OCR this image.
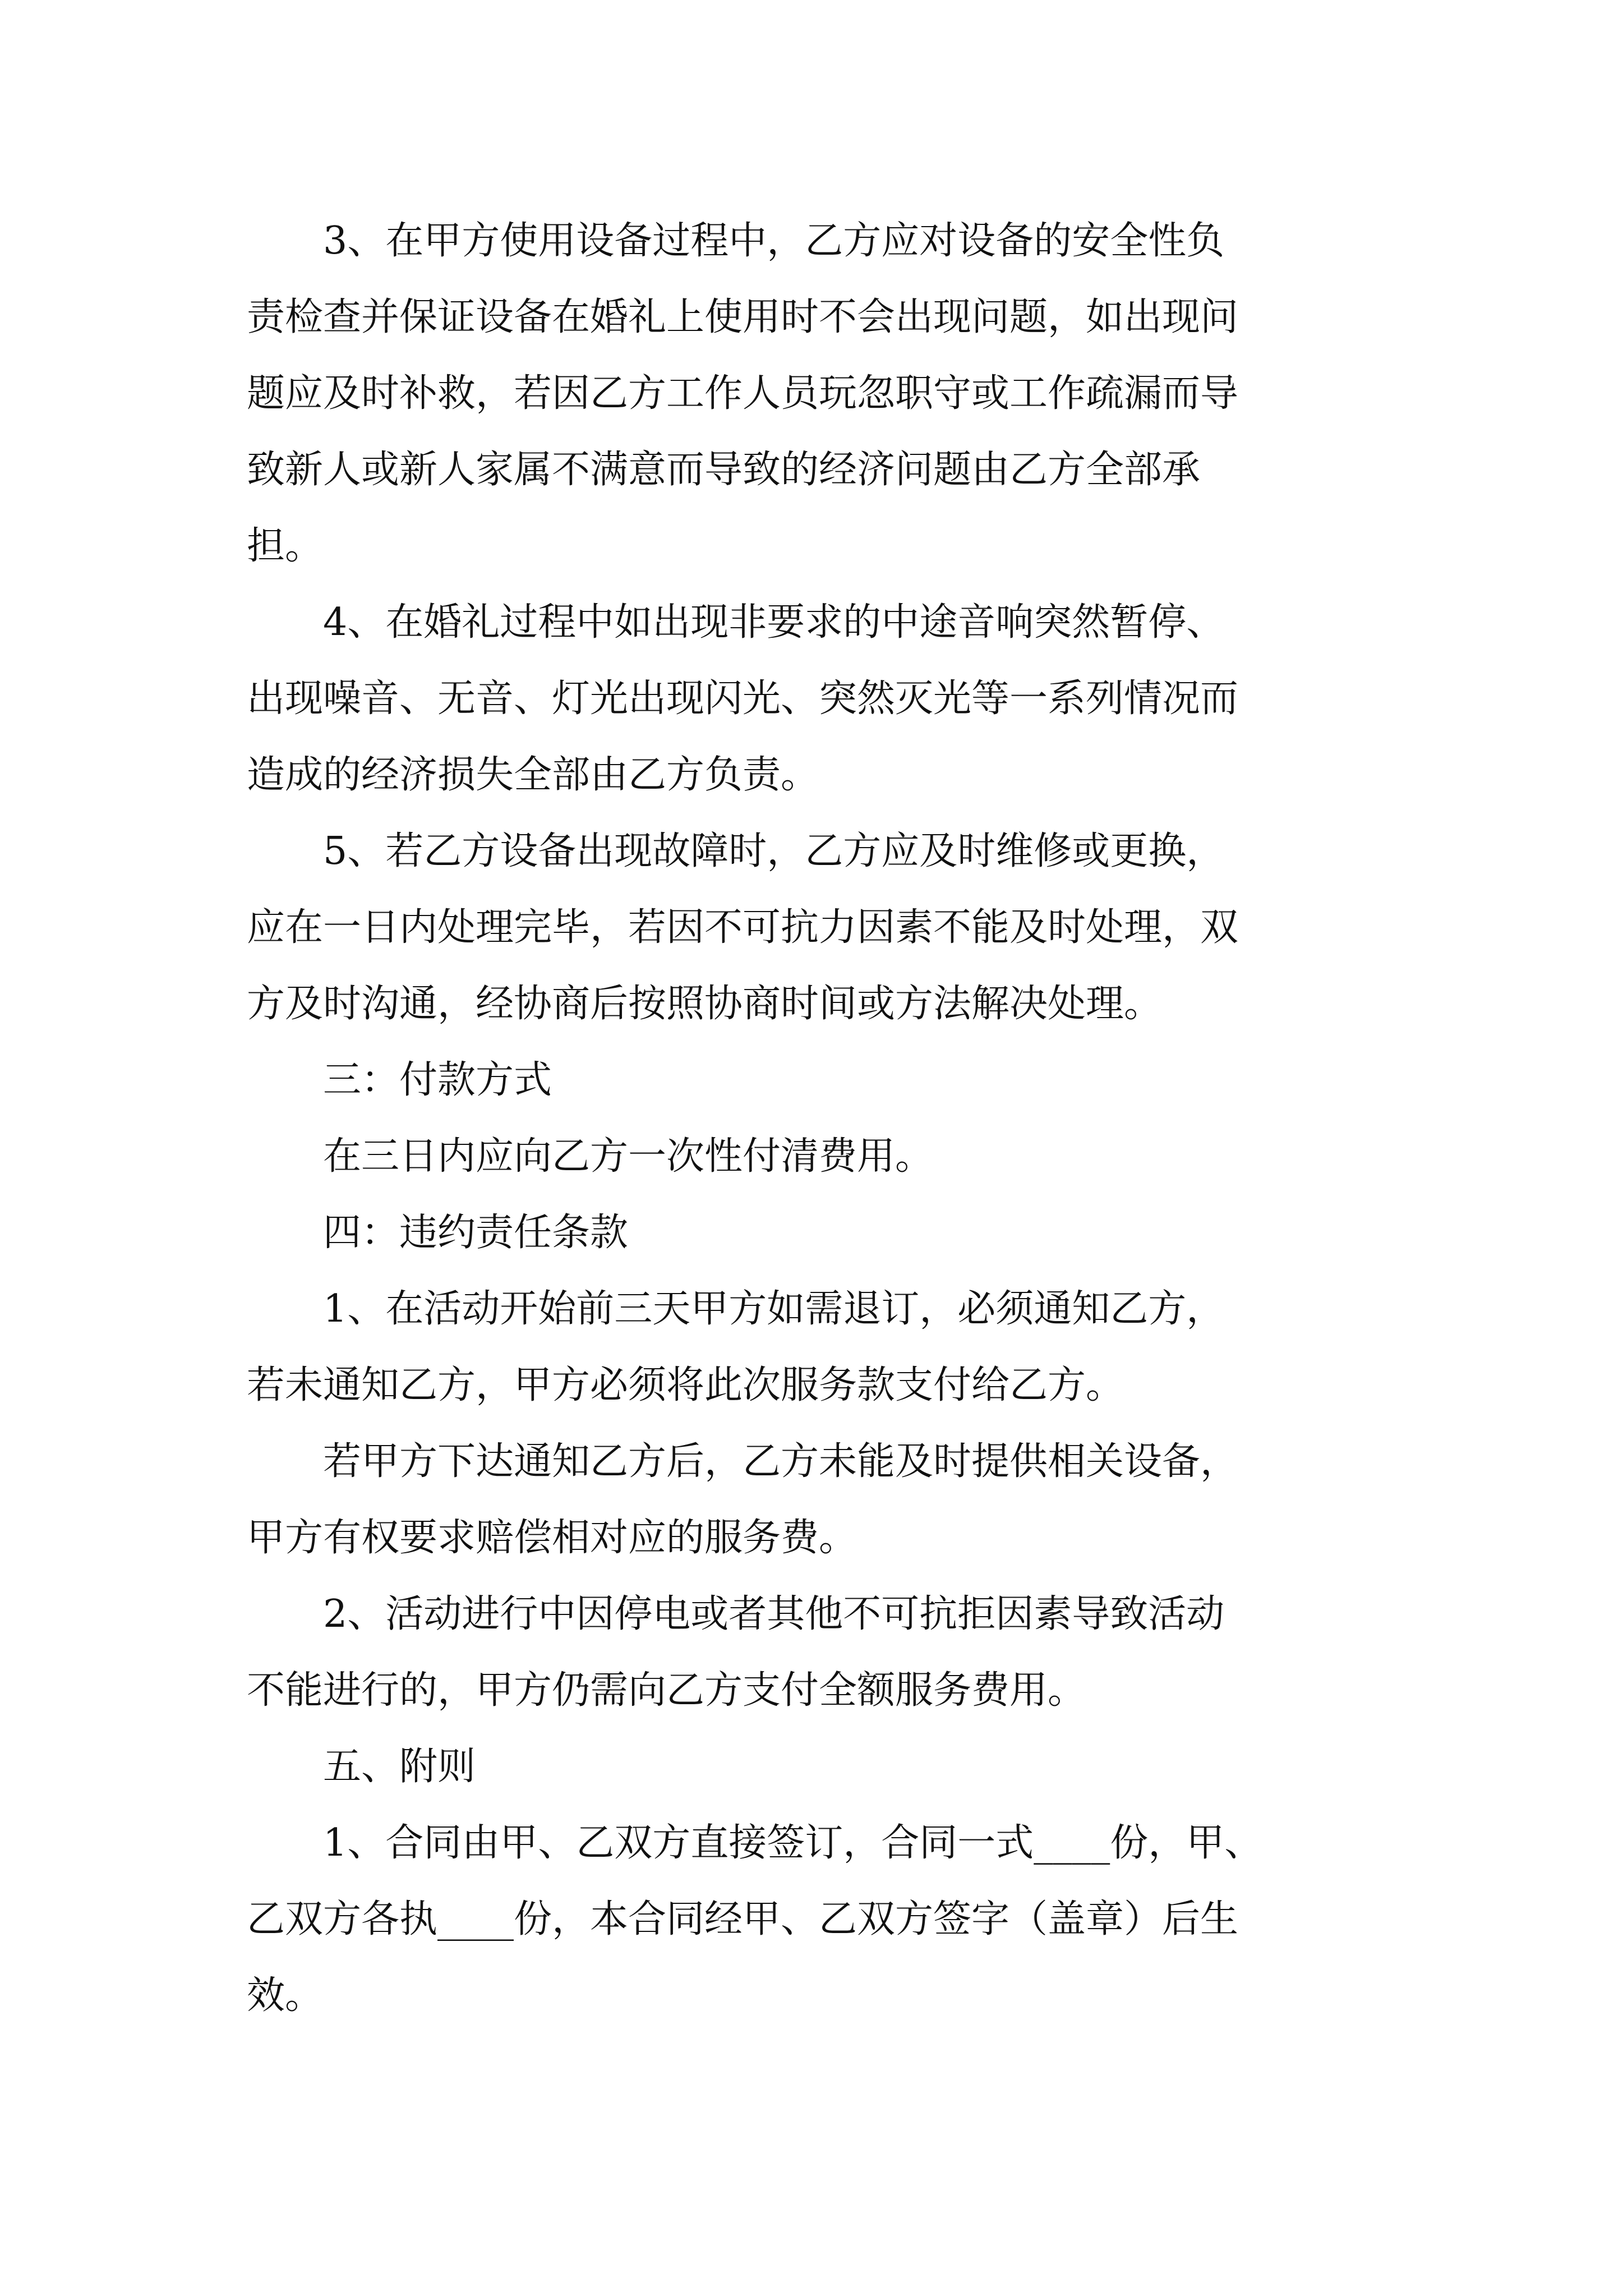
3、在甲方使用设备过程中，乙方应对设备的安全性负
责检查并保证设备在婚礼上使用时不会出现问题，如出现问
题应及时补救，若因乙方工作人员玩忽职守或工作疏漏而导
致新人或新人家属不满意而导致的经济问题由乙方全部承
担。
4、在婚礼过程中如出现非要求的中途音响突然暂停、
出现噪音、无音、灯光出现闪光、突然灭光等一系列情况而
造成的经济损失全部由乙方负责。
5、若乙方设备出现故障时，乙方应及时维修或更换，
应在一日内处理完毕，若因不可抗力因素不能及时处理，双
方及时沟通，经协商后按照协商时间或方法解决处理。
三：付款方式
在三日内应向乙方一次性付清费用。
四：违约责任条款
1、在活动开始前三天甲方如需退订，必须通知乙方，
若未通知乙方，甲方必须将此次服务款支付给乙方。
若甲方下达通知乙方后，乙方未能及时提供相关设备，
甲方有权要求赔偿相对应的服务费。
2、活动进行中因停电或者其他不可抗拒因素导致活动
不能进行的，甲方仍需向乙方支付全额服务费用。
五、附则
1、合同由甲、乙双方直接签订，合同一式____份，甲、
乙双方各执____份，本合同经甲、乙双方签字（盖章）后生
效。
